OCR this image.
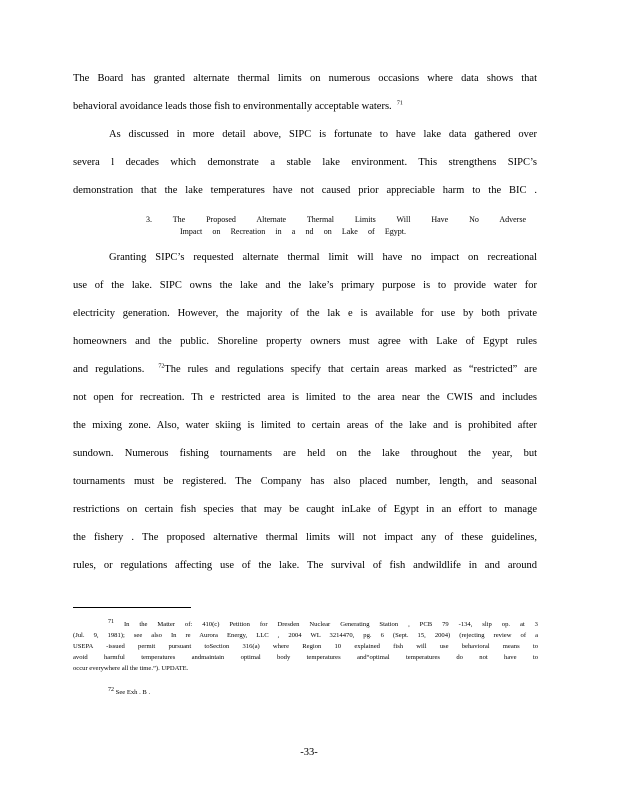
The Board has granted alternate thermal limits on numerous occasions where data shows that
behavioral avoidance leads those fish to environmentally acceptable waters. $^{71}$
As discussed in more detail above, SIPC is fortunate to have lake data gathered over
severa l decades which demonstrate a stable lake environment. This strengthens SIPC’s
demonstration that the lake temperatures have not caused prior appreciable harm to the BIC .
3. The Proposed Alternate Thermal Limits Will Have No Adverse
Impact on Recreation in a nd on Lake of Egypt.
Granting SIPC’s requested alternate thermal limit will have no impact on recreational
use of the lake. SIPC owns the lake and the lake’s primary purpose is to provide water for
electricity generation. However, the majority of the lak e is available for use by both private
homeowners and the public. Shoreline property owners must agree with Lake of Egypt rules
and regulations. $^{72}$The rules and regulations specify that certain areas marked as “restricted” are
not open for recreation. Th e restricted area is limited to the area near the CWIS and includes
the mixing zone. Also, water skiing is limited to certain areas of the lake and is prohibited after
sundown. Numerous fishing tournaments are held on the lake throughout the year, but
tournaments must be registered. The Company has also placed number, length, and seasonal
restrictions on certain fish species that may be caught inLake of Egypt in an effort to manage
the fishery . The proposed alternative thermal limits will not impact any of these guidelines,
rules, or regulations affecting use of the lake. The survival of fish andwildlife in and around
$^{71}$ In the Matter of: 410(c) Petition for Dresden Nuclear Generating Station , PCB 79 -134, slip op. at 3
(Jul. 9, 1981); see also In re Aurora Energy, LLC , 2004 WL 3214470, pg. 6 (Sept. 15, 2004) (rejecting review of a
USEPA -issued permit pursuant toSection 316(a) where Region 10 explained fish will use behavioral means to
avoid harmful temperatures andmaintain optimal body temperatures and“optimal temperatures do not have to
occur everywhere all the time.”). UPDATE.
$^{72}$ See Exh . B .
-33-
